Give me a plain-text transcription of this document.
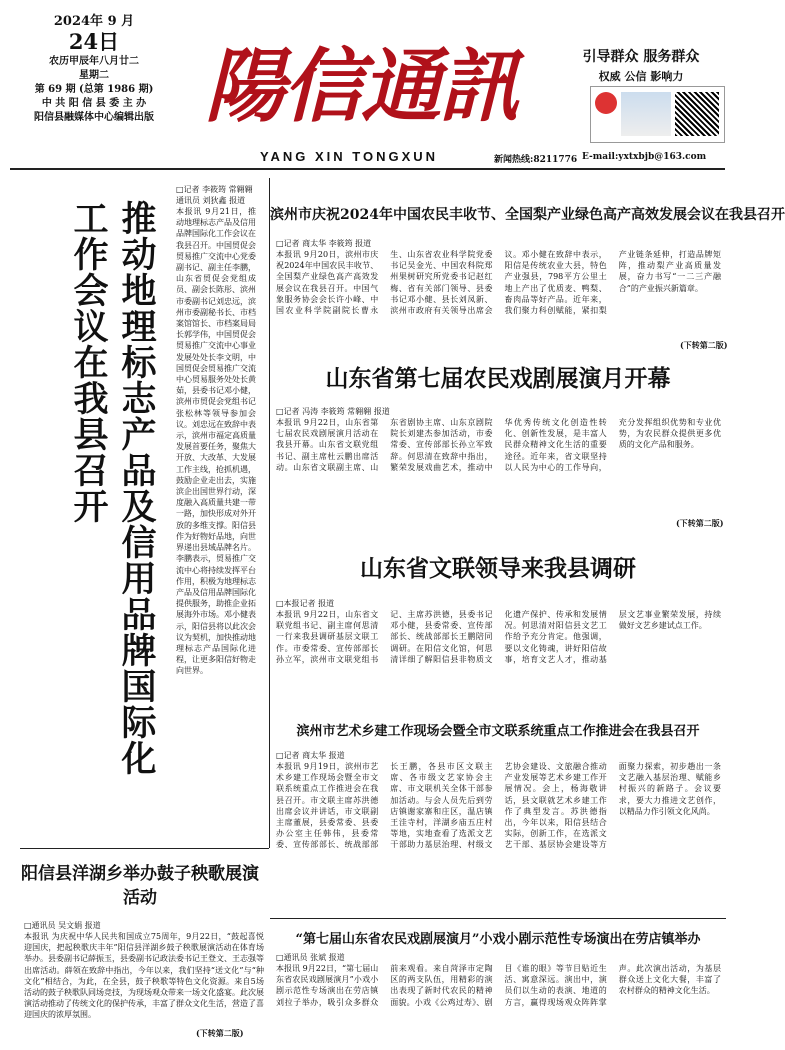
2024年 9 月
24日
农历甲辰年八月廿二
星期二
第 69 期 (总第 1986 期)
中 共 阳 信 县 委 主 办
阳信县融媒体中心编辑出版 陽信通訊
YANG XIN TONGXUN
引导群众 服务群众
权威 公信 影响力
新闻热线:8211776 E-mail:yxtxbjb@163.com
推动地理标志产品及信用品牌国际化工作会议在我县召开
□记者 李筱筠 常翱翱 通讯员 刘狄鑫 报道
本报讯 9月21日，推动地理标志产品及信用品牌国际化工作会议在我县召开。中国贸促会贸易推广交流中心党委副书记、副主任李鹏，山东省贸促会党组成员、副会长陈彤、滨州市委副书记刘忠远，滨州市委副秘书长、市档案馆馆长、市档案局局长郭学伟，中国贸促会贸易推广交流中心事业发展处处长李文明，中国贸促会贸易推广交流中心贸易服务处处长黄茹，县委书记邓小健，滨州市贸促会党组书记张松林等领导参加会议。刘忠远在致辞中表示，滨州市福定高质量发展首要任务，聚焦大开放、大改革、大发展工作主线，抢抓机遇，鼓励企业走出去，实施滨企出国世界行动，深度融入高质量共建一带一路，加快形成对外开放的多维支撑。阳信县作为好物好品地，向世界递出县域品牌名片。李鹏表示，贸易推广交流中心将持续发挥平台作用，积极为地理标志产品及信用品牌国际化提供服务，助推企业拓展海外市场。邓小健表示，阳信县将以此次会议为契机，加快推动地理标志产品国际化进程，让更多阳信好物走向世界。
(下转第二版)
滨州市庆祝2024年中国农民丰收节、全国梨产业绿色高产高效发展会议在我县召开
□记者 商太华 李筱筠 报道
本报讯 9月20日，滨州市庆祝2024年中国农民丰收节、全国梨产业绿色高产高效发展会议在我县召开。中国气象服务协会会长许小峰、中国农业科学院副院长曹永生、山东省农业科学院党委书记吴金光、中国农科院郑州果树研究所党委书记赵红梅、省有关部门领导、县委书记邓小健、县长刘凤新、滨州市政府有关领导出席会议。邓小健在致辞中表示，阳信是传统农业大县，特色产业强县，798平方公里土地上产出了优质麦、鸭梨、畜肉品等好产品。近年来，我们聚力科创赋能，紧扣梨产业链条延伸，打造品牌矩阵，推动梨产业高质量发展，奋力书写“一二三产融合”的产业振兴新篇章。
(下转第二版)
山东省第七届农民戏剧展演月开幕
□记者 冯涛 李筱筠 常翱翱 报道
本报讯 9月22日，山东省第七届农民戏剧展演月活动在我县开幕。山东省文联党组书记、副主席杜云鹏出席活动。山东省文联副主席、山东省剧协主席、山东京剧院院长刘建杰参加活动，市委常委、宣传部部长孙立军致辞。何思清在致辞中指出，繁荣发展戏曲艺术，推动中华优秀传统文化创造性转化、创新性发展，是丰富人民群众精神文化生活的重要途径。近年来，省文联坚持以人民为中心的工作导向，充分发挥组织优势和专业优势，为农民群众提供更多优质的文化产品和服务。
(下转第二版)
山东省文联领导来我县调研
□本报记者 报道
本报讯 9月22日，山东省文联党组书记、副主席何思清一行来我县调研基层文联工作。市委常委、宣传部部长孙立军，滨州市文联党组书记、主席苏洪德，县委书记邓小健，县委常委、宣传部部长、统战部部长王鹏陪同调研。在阳信文化馆，何思清详细了解阳信县非物质文化遗产保护、传承和发展情况。何思清对阳信县文艺工作给予充分肯定。他强调，要以文化铸魂，讲好阳信故事，培育文艺人才，推动基层文艺事业繁荣发展，持续做好文艺乡建试点工作。
滨州市艺术乡建工作现场会暨全市文联系统重点工作推进会在我县召开
□记者 商太华 报道
本报讯 9月19日，滨州市艺术乡建工作现场会暨全市文联系统重点工作推进会在我县召开。市文联主席苏洪德出席会议并讲话，市文联副主席董展，县委常委、县委办公室主任韩伟，县委常委、宣传部部长、统战部部长王鹏，各县市区文联主席、各市级文艺家协会主席、市文联机关全体干部参加活动。与会人员先后到劳店镇谢家寨和庄区，温店镇王洼寺村，洋湖乡庙五庄村等地，实地查看了选派文艺干部助力基层治理、村级文艺协会建设、文旅融合推动产业发展等艺术乡建工作开展情况。会上，杨海敬讲话，县文联就艺术乡建工作作了典型发言。苏洪德指出，今年以来，阳信县结合实际，创新工作，在选派文艺干部、基层协会建设等方面聚力探索，初步趟出一条文艺融入基层治理、赋能乡村振兴的新路子。会议要求，要大力推进文艺创作，以精品力作引领文化风尚。
阳信县洋湖乡举办鼓子秧歌展演活动
□通讯员 吴文娟 报道
本报讯 为庆祝中华人民共和国成立75周年，9月22日，“鼓起喜悦迎国庆，把起秧歌庆丰年”阳信县洋湖乡鼓子秧歌展演活动在体育场举办。县委副书记薛振玉，县委副书记政法委书记王登文、王志强等出席活动。薛领在致辞中指出，今年以来，我们坚持“送文化”与“种文化”相结合，为此，在全县，鼓子秧歌等特色文化资源。来自5场活动的鼓子秧歌队同场竞技，为现场观众带来一场文化盛宴。此次展演活动推动了传统文化的保护传承，丰富了群众文化生活，营造了喜迎国庆的浓厚氛围。
“第七届山东省农民戏剧展演月”小戏小剧示范性专场演出在劳店镇举办
□通讯员 张斌 报道
本报讯 9月22日，“第七届山东省农民戏剧展演月”小戏小剧示范性专场演出在劳店镇刘拉子举办，吸引众多群众前来观看。来自菏泽市定陶区的两支队伍，用精彩的演出表现了新时代农民的精神面貌。小戏《公鸡过寿》、剧目《谁的眼》等节目贴近生活、寓意深远。演出中，演员们以生动的表演、地道的方言，赢得现场观众阵阵掌声。此次演出活动，为基层群众送上文化大餐，丰富了农村群众的精神文化生活。
